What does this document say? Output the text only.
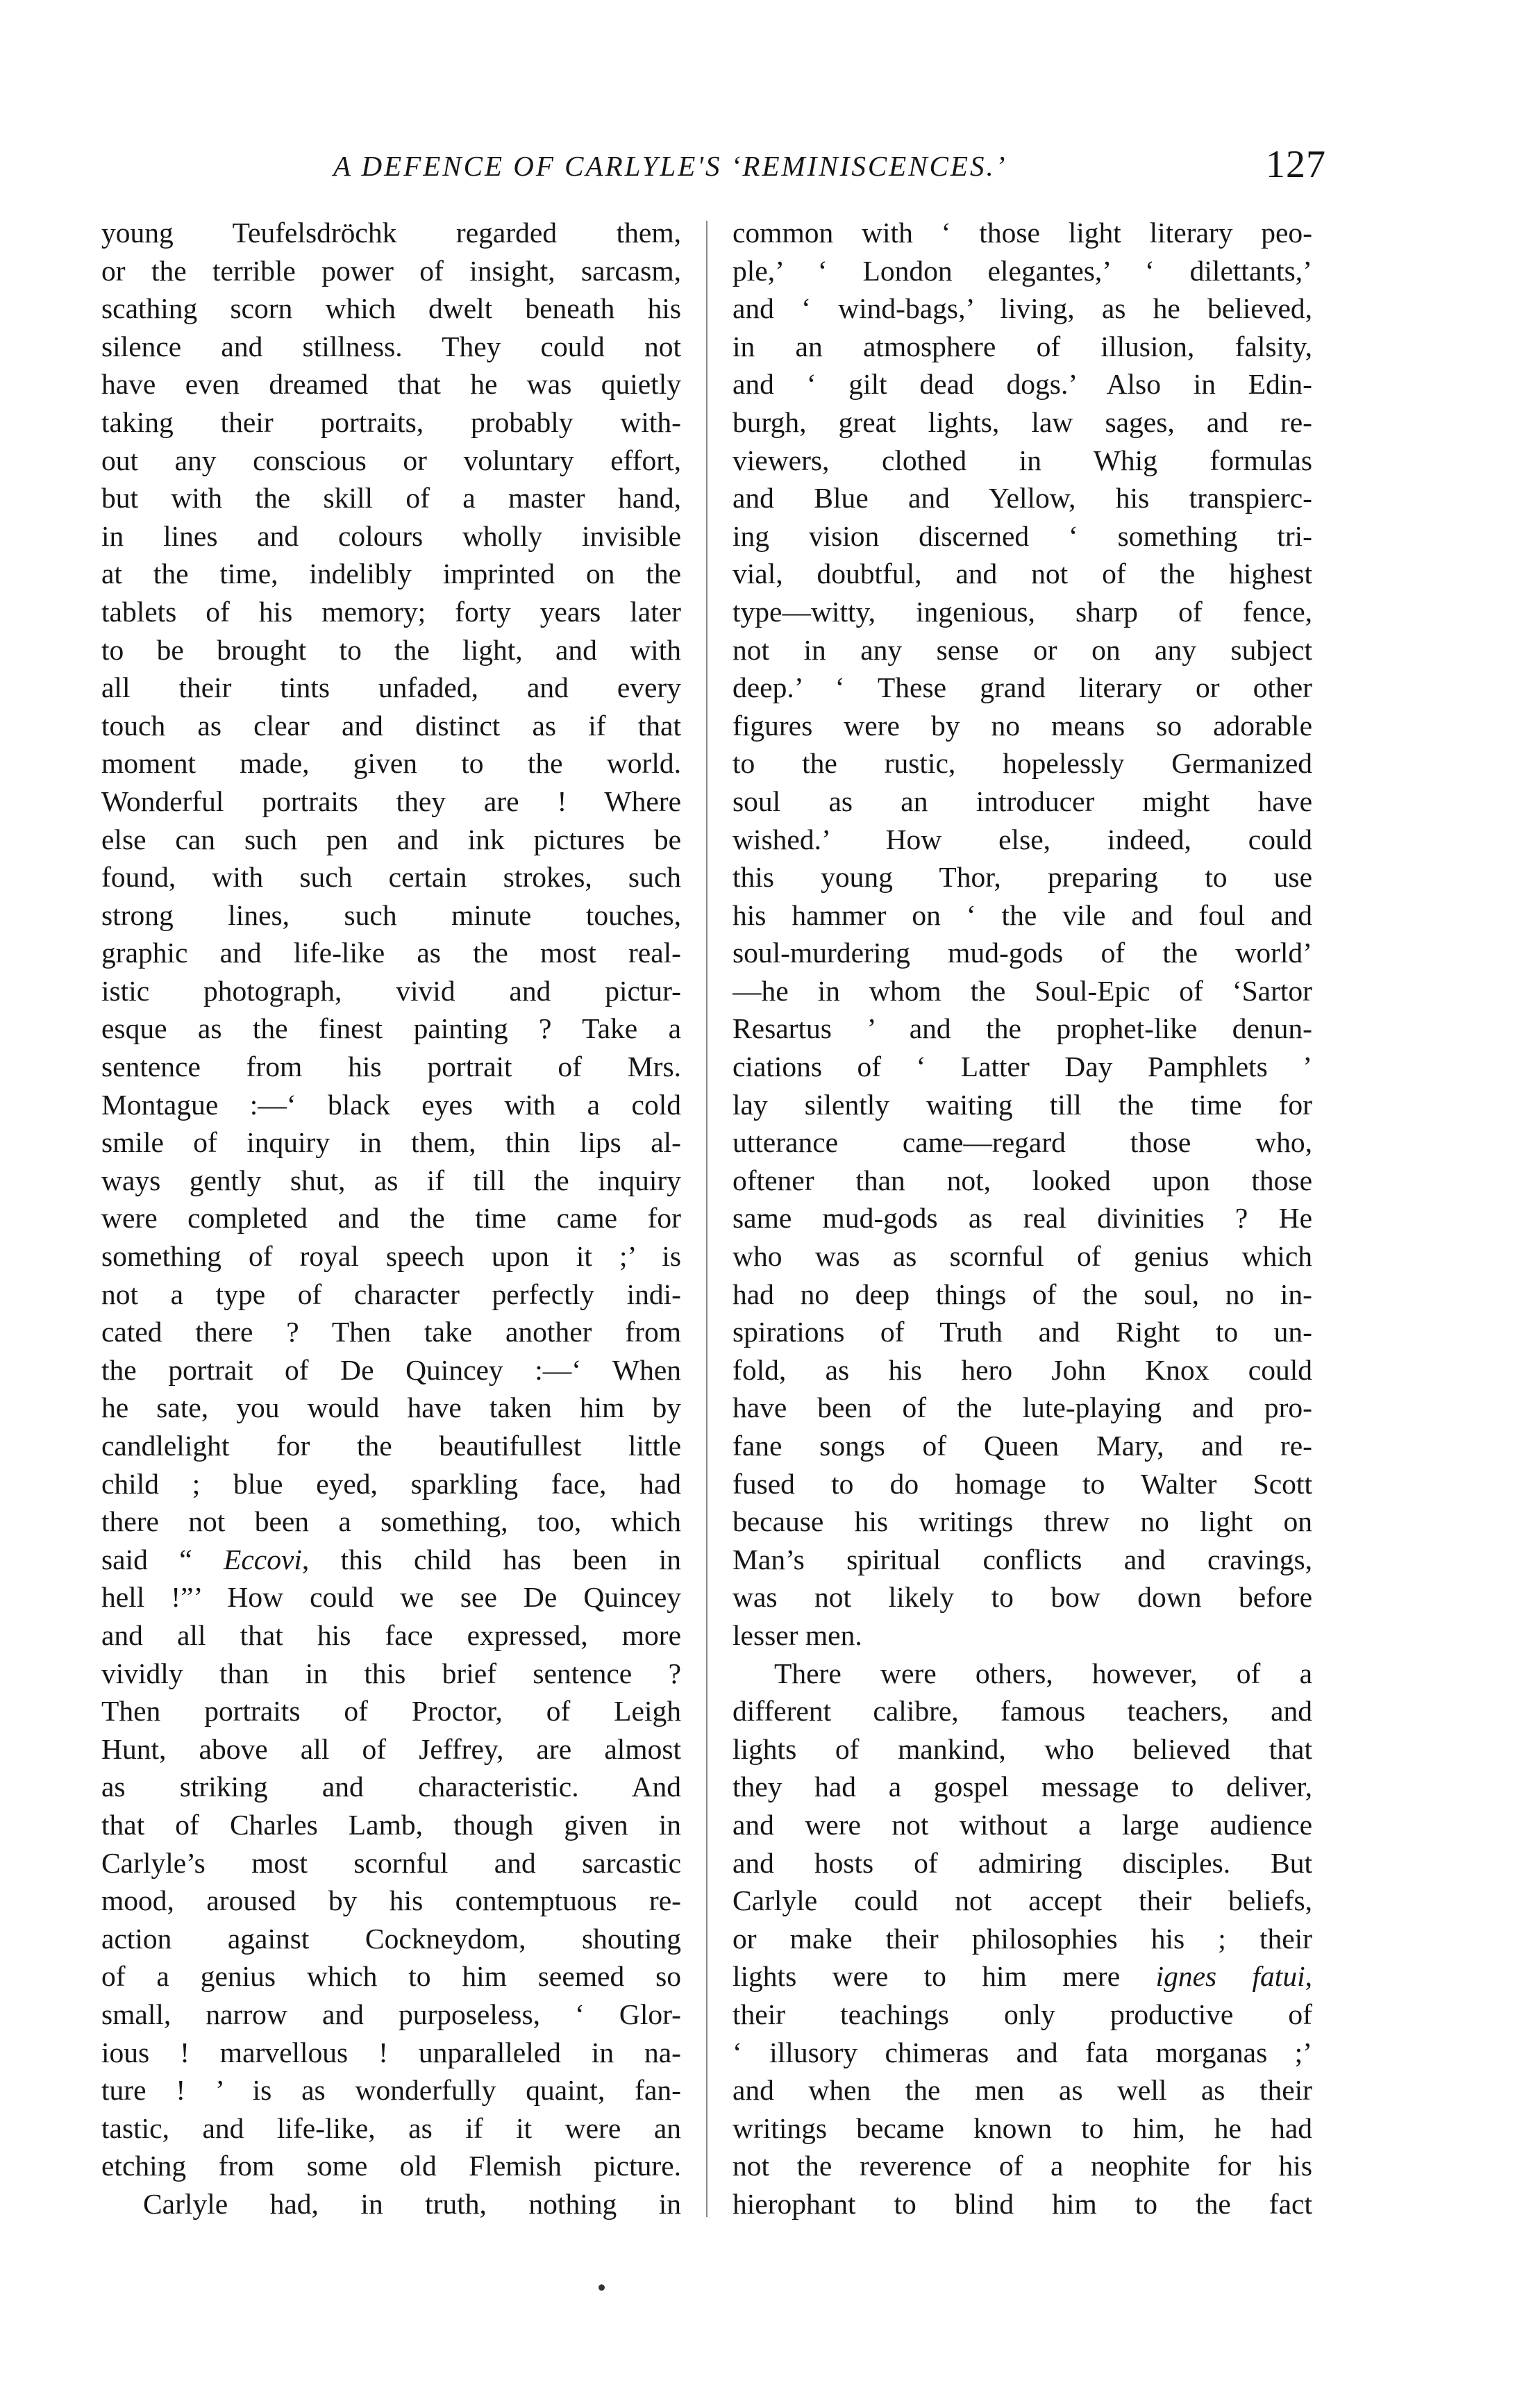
A DEFENCE OF CARLYLE'S ‘REMINISCENCES.’	127
young Teufelsdröchk regarded them,
or the terrible power of insight, sarcasm,
scathing scorn which dwelt beneath his
silence and stillness. They could not
have even dreamed that he was quietly
taking their portraits, probably with-
out any conscious or voluntary effort,
but with the skill of a master hand,
in lines and colours wholly invisible
at the time, indelibly imprinted on the
tablets of his memory; forty years later
to be brought to the light, and with
all their tints unfaded, and every
touch as clear and distinct as if that
moment made, given to the world.
Wonderful portraits they are ! Where
else can such pen and ink pictures be
found, with such certain strokes, such
strong lines, such minute touches,
graphic and life-like as the most real-
istic photograph, vivid and pictur-
esque as the finest painting ? Take a
sentence from his portrait of Mrs.
Montague :—‘ black eyes with a cold
smile of inquiry in them, thin lips al-
ways gently shut, as if till the inquiry
were completed and the time came for
something of royal speech upon it ;’ is
not a type of character perfectly indi-
cated there ? Then take another from
the portrait of De Quincey :—‘ When
he sate, you would have taken him by
candlelight for the beautifullest little
child ; blue eyed, sparkling face, had
there not been a something, too, which
said “ Eccovi, this child has been in
hell !”’ How could we see De Quincey
and all that his face expressed, more
vividly than in this brief sentence ?
Then portraits of Proctor, of Leigh
Hunt, above all of Jeffrey, are almost
as striking and characteristic. And
that of Charles Lamb, though given in
Carlyle’s most scornful and sarcastic
mood, aroused by his contemptuous re-
action against Cockneydom, shouting
of a genius which to him seemed so
small, narrow and purposeless, ‘ Glor-
ious ! marvellous ! unparalleled in na-
ture ! ’ is as wonderfully quaint, fan-
tastic, and life-like, as if it were an
etching from some old Flemish picture.
Carlyle had, in truth, nothing in
common with ‘ those light literary peo-
ple,’ ‘ London elegantes,’ ‘ dilettants,’
and ‘ wind-bags,’ living, as he believed,
in an atmosphere of illusion, falsity,
and ‘ gilt dead dogs.’ Also in Edin-
burgh, great lights, law sages, and re-
viewers, clothed in Whig formulas
and Blue and Yellow, his transpierc-
ing vision discerned ‘ something tri-
vial, doubtful, and not of the highest
type—witty, ingenious, sharp of fence,
not in any sense or on any subject
deep.’ ‘ These grand literary or other
figures were by no means so adorable
to the rustic, hopelessly Germanized
soul as an introducer might have
wished.’ How else, indeed, could
this young Thor, preparing to use
his hammer on ‘ the vile and foul and
soul-murdering mud-gods of the world’
—he in whom the Soul-Epic of ‘Sartor
Resartus ’ and the prophet-like denun-
ciations of ‘ Latter Day Pamphlets ’
lay silently waiting till the time for
utterance came—regard those who,
oftener than not, looked upon those
same mud-gods as real divinities ? He
who was as scornful of genius which
had no deep things of the soul, no in-
spirations of Truth and Right to un-
fold, as his hero John Knox could
have been of the lute-playing and pro-
fane songs of Queen Mary, and re-
fused to do homage to Walter Scott
because his writings threw no light on
Man’s spiritual conflicts and cravings,
was not likely to bow down before
lesser men.
There were others, however, of a
different calibre, famous teachers, and
lights of mankind, who believed that
they had a gospel message to deliver,
and were not without a large audience
and hosts of admiring disciples. But
Carlyle could not accept their beliefs,
or make their philosophies his ; their
lights were to him mere ignes fatui,
their teachings only productive of
‘ illusory chimeras and fata morganas ;’
and when the men as well as their
writings became known to him, he had
not the reverence of a neophite for his
hierophant to blind him to the fact
